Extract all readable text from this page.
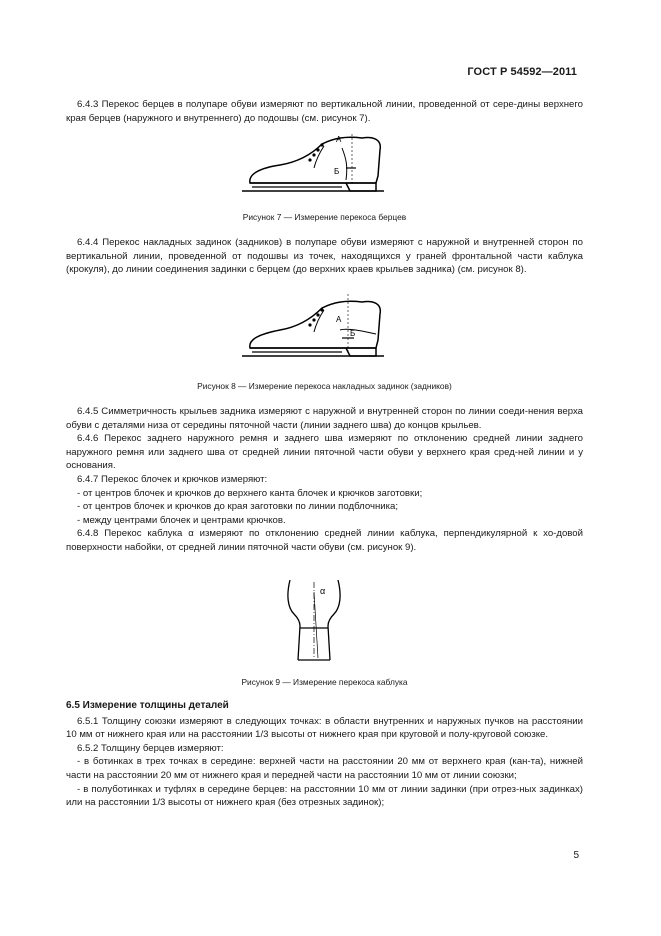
ГОСТ Р 54592—2011

6.4.3 Перекос берцев в полупаре обуви измеряют по вертикальной линии, проведенной от сере-дины верхнего края берцев (наружного и внутреннего) до подошвы (см. рисунок 7).

А
Б
Рисунок 7 — Измерение перекоса берцев

6.4.4 Перекос накладных задинок (задников) в полупаре обуви измеряют с наружной и внутренней сторон по вертикальной линии, проведенной от подошвы из точек, находящихся у граней фронтальной части каблука (крокуля), до линии соединения задинки с берцем (до верхних краев крыльев задника) (см. рисунок 8).

А
Б
Рисунок 8 — Измерение перекоса накладных задинок (задников)

6.4.5 Симметричность крыльев задника измеряют с наружной и внутренней сторон по линии соеди-нения верха обуви с деталями низа от середины пяточной части (линии заднего шва) до концов крыльев.

6.4.6 Перекос заднего наружного ремня и заднего шва измеряют по отклонению средней линии заднего наружного ремня или заднего шва от средней линии пяточной части обуви у верхнего края сред-ней линии и у основания.

6.4.7 Перекос блочек и крючков измеряют:

- от центров блочек и крючков до верхнего канта блочек и крючков заготовки;

- от центров блочек и крючков до края заготовки по линии подблочника;

- между центрами блочек и центрами крючков.

6.4.8 Перекос каблука α измеряют по отклонению средней линии каблука, перпендикулярной к хо-довой поверхности набойки, от средней линии пяточной части обуви (см. рисунок 9).

α
Рисунок 9 — Измерение перекоса каблука

6.5 Измерение толщины деталей

6.5.1 Толщину союзки измеряют в следующих точках: в области внутренних и наружных пучков на расстоянии 10 мм от нижнего края или на расстоянии 1/3 высоты от нижнего края при круговой и полу-круговой союзке.

6.5.2 Толщину берцев измеряют:

- в ботинках в трех точках в середине: верхней части на расстоянии 20 мм от верхнего края (кан-та), нижней части на расстоянии 20 мм от нижнего края и передней части на расстоянии 10 мм от линии союзки;

- в полуботинках и туфлях в середине берцев: на расстоянии 10 мм от линии задинки (при отрез-ных задинках) или на расстоянии 1/3 высоты от нижнего края (без отрезных задинок);

5
